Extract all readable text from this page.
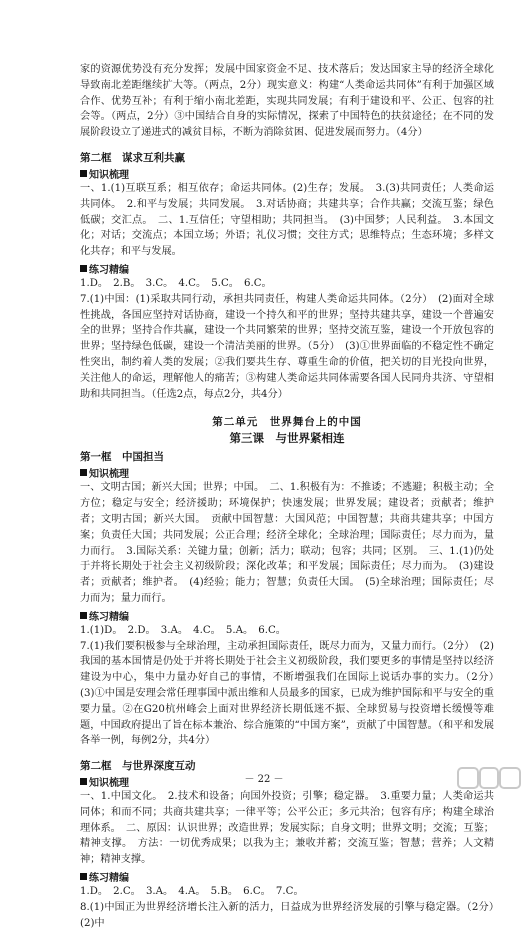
家的资源优势没有充分发挥；发展中国家资金不足、技术落后；发达国家主导的经济全球化导致南北差距继续扩大等。（两点，2分）现实意义：构建“人类命运共同体”有利于加强区域合作、优势互补；有利于缩小南北差距，实现共同发展；有利于建设和平、公正、包容的社会等。（两点，2分）③中国结合自身的实际情况，探索了中国特色的扶贫途径；在不同的发展阶段设立了递进式的减贫目标，不断为消除贫困、促进发展而努力。（4分）

第二框　谋求互利共赢
知识梳理

一、1.(1)互联互系；相互依存；命运共同体。(2)生存；发展。　3.(3)共同责任；人类命运共同体。　2.和平与发展；共同发展。　3.对话协商；共建共享；合作共赢；交流互鉴；绿色低碳；交汇点。　二、1.互信任；守望相助；共同担当。　(3)中国梦；人民利益。　3.本国文化；对话；交流点；本国立场；外语；礼仪习惯；交往方式；思维特点；生态环境；多样文化共存；和平与发展。

练习精编

1.D。　2.B。　3.C。　4.C。　5.C。　6.C。

7.(1)中国：(1)采取共同行动，承担共同责任，构建人类命运共同体。（2分）　(2)面对全球性挑战，各国应坚持对话协商，建设一个持久和平的世界；坚持共建共享，建设一个普遍安全的世界；坚持合作共赢，建设一个共同繁荣的世界；坚持交流互鉴，建设一个开放包容的世界；坚持绿色低碳，建设一个清洁美丽的世界。（5分）　(3)①世界面临的不稳定性不确定性突出，制约着人类的发展；②我们要共生存、尊重生命的价值，把关切的目光投向世界，关注他人的命运，理解他人的痛苦；③构建人类命运共同体需要各国人民同舟共济、守望相助和共同担当。（任选2点，每点2分，共4分）

第二单元　世界舞台上的中国
第三课　与世界紧相连
第一框　中国担当
知识梳理

一、文明古国；新兴大国；世界；中国。　二、1.积极有为：不推诿；不逃避；积极主动；全方位；稳定与安全；经济援助；环境保护；快速发展；世界发展；建设者；贡献者；维护者；文明古国；新兴大国。　贡献中国智慧：大国风范；中国智慧；共商共建共享；中国方案；负责任大国；共同发展；公正合理；经济全球化；全球治理；国际责任；尽力而为，量力而行。　3.国际关系：关键力量；创新；活力；联动；包容；共同；区别。　三、1.(1)仍处于并将长期处于社会主义初级阶段；深化改革；和平发展；国际责任；尽力而为。　(3)建设者；贡献者；维护者。　(4)经验；能力；智慧；负责任大国。　(5)全球治理；国际责任；尽力而为；量力而行。

练习精编

1.(1)D。　2.D。　3.A。　4.C。　5.A。　6.C。

7.(1)我们要积极参与全球治理，主动承担国际责任，既尽力而为，又量力而行。（2分）　(2)我国的基本国情是仍处于并将长期处于社会主义初级阶段，我们要更多的事情是坚持以经济建设为中心，集中力量办好自己的事情，不断增强我们在国际上说话办事的实力。（2分）　(3)①中国是安理会常任理事国中派出维和人员最多的国家，已成为维护国际和平与安全的重要力量。②在G20杭州峰会上面对世界经济长期低迷不振、全球贸易与投资增长缓慢等难题，中国政府提出了旨在标本兼治、综合施策的“中国方案”，贡献了中国智慧。（和平和发展各举一例，每例2分，共4分）

第二框　与世界深度互动
知识梳理

一、1.中国文化。　2.技术和设备；向国外投资；引擎；稳定器。　3.重要力量；人类命运共同体；和而不同；共商共建共享；一律平等；公平公正；多元共治；包容有序；构建全球治理体系。　二、原因：认识世界；改造世界；发展实际；自身文明；世界文明；交流；互鉴；精神支撑。　方法：一切优秀成果；以我为主；兼收并蓄；交流互鉴；智慧；营养；人文精神；精神支撑。

练习精编

1.D。　2.C。　3.A。　4.A。　5.B。　6.C。　7.C。

8.(1)中国正为世界经济增长注入新的活力，日益成为世界经济发展的引擎与稳定器。（2分）　(2)中

－ 22 －
